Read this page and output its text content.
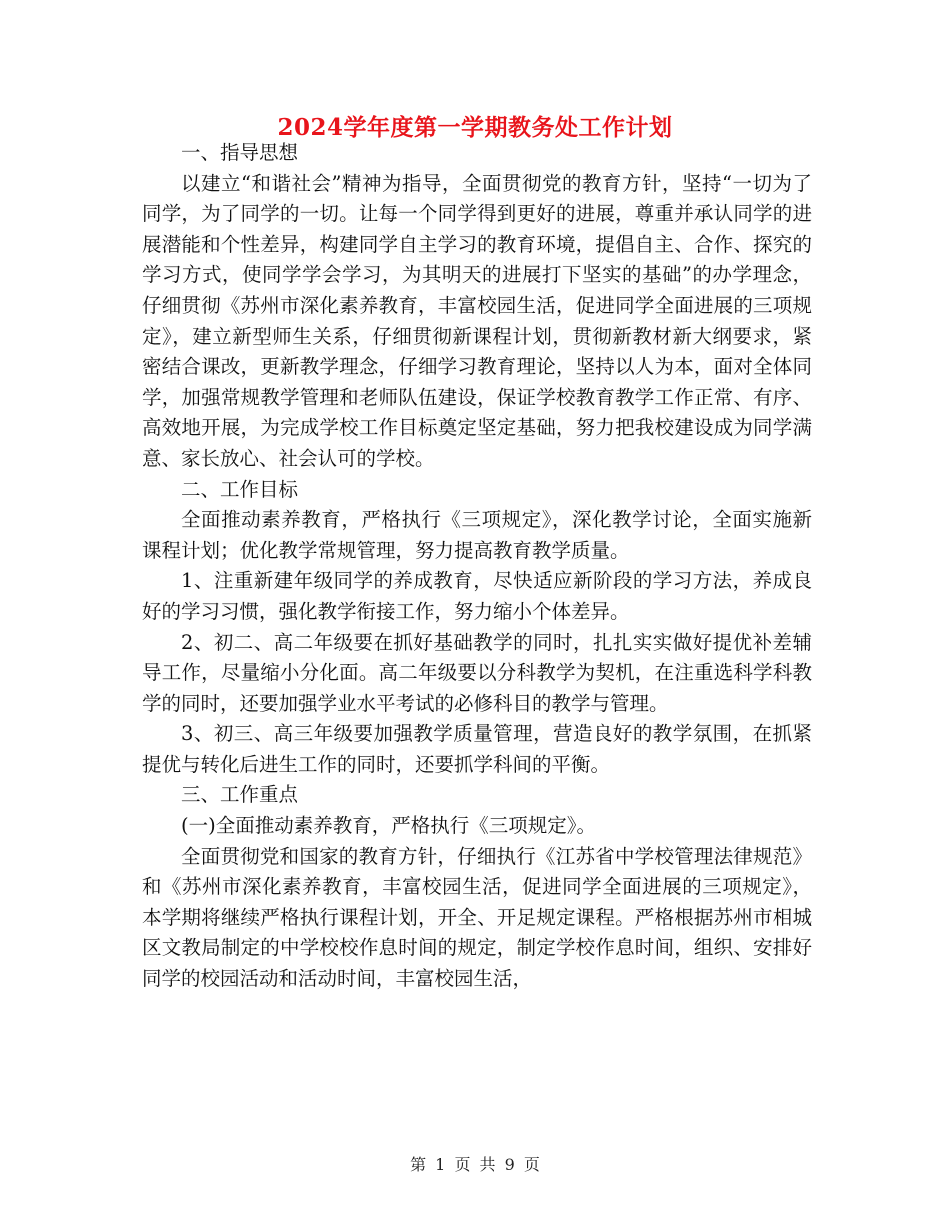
2024学年度第一学期教务处工作计划

一、指导思想

以建立“和谐社会”精神为指导，全面贯彻党的教育方针，坚持“一切为了同学，为了同学的一切。让每一个同学得到更好的进展，尊重并承认同学的进展潜能和个性差异，构建同学自主学习的教育环境，提倡自主、合作、探究的学习方式，使同学学会学习，为其明天的进展打下坚实的基础”的办学理念，仔细贯彻《苏州市深化素养教育，丰富校园生活，促进同学全面进展的三项规定》，建立新型师生关系，仔细贯彻新课程计划，贯彻新教材新大纲要求，紧密结合课改，更新教学理念，仔细学习教育理论，坚持以人为本，面对全体同学，加强常规教学管理和老师队伍建设，保证学校教育教学工作正常、有序、高效地开展，为完成学校工作目标奠定坚定基础，努力把我校建设成为同学满意、家长放心、社会认可的学校。

二、工作目标

全面推动素养教育，严格执行《三项规定》，深化教学讨论，全面实施新课程计划；优化教学常规管理，努力提高教育教学质量。

1、注重新建年级同学的养成教育，尽快适应新阶段的学习方法，养成良好的学习习惯，强化教学衔接工作，努力缩小个体差异。

2、初二、高二年级要在抓好基础教学的同时，扎扎实实做好提优补差辅导工作，尽量缩小分化面。高二年级要以分科教学为契机，在注重选科学科教学的同时，还要加强学业水平考试的必修科目的教学与管理。

3、初三、高三年级要加强教学质量管理，营造良好的教学氛围，在抓紧提优与转化后进生工作的同时，还要抓学科间的平衡。

三、工作重点

(一)全面推动素养教育，严格执行《三项规定》。

全面贯彻党和国家的教育方针，仔细执行《江苏省中学校管理法律规范》和《苏州市深化素养教育，丰富校园生活，促进同学全面进展的三项规定》，本学期将继续严格执行课程计划，开全、开足规定课程。严格根据苏州市相城区文教局制定的中学校校作息时间的规定，制定学校作息时间，组织、安排好同学的校园活动和活动时间，丰富校园生活，

第 1 页 共 9 页
